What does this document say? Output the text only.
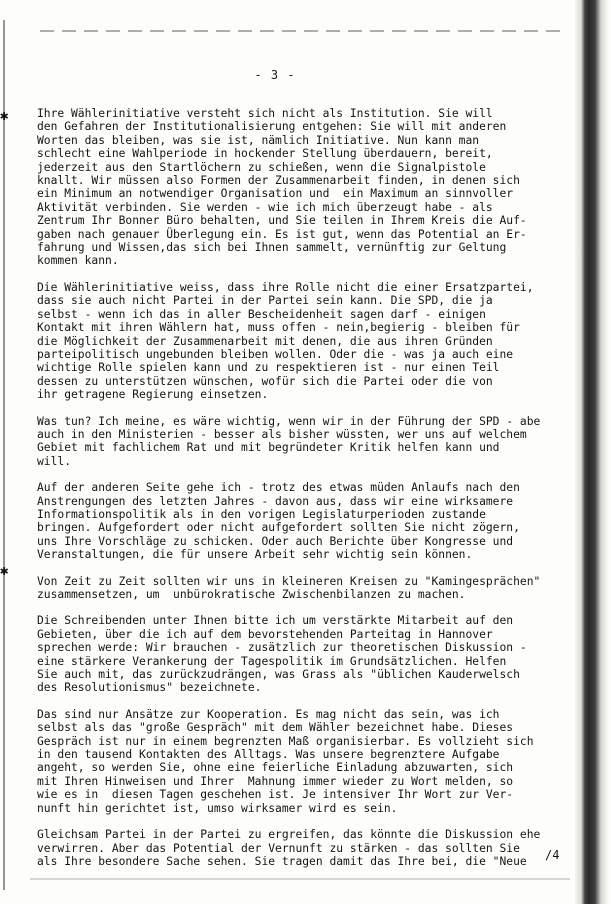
✱
✱
- 3 -

Ihre Wählerinitiative versteht sich nicht als Institution. Sie will
den Gefahren der Institutionalisierung entgehen: Sie will mit anderen
Worten das bleiben, was sie ist, nämlich Initiative. Nun kann man
schlecht eine Wahlperiode in hockender Stellung überdauern, bereit,
jederzeit aus den Startlöchern zu schießen, wenn die Signalpistole
knallt. Wir müssen also Formen der Zusammenarbeit finden, in denen sich
ein Minimum an notwendiger Organisation und  ein Maximum an sinnvoller
Aktivität verbinden. Sie werden - wie ich mich überzeugt habe - als
Zentrum Ihr Bonner Büro behalten, und Sie teilen in Ihrem Kreis die Auf-
gaben nach genauer Überlegung ein. Es ist gut, wenn das Potential an Er-
fahrung und Wissen,das sich bei Ihnen sammelt, vernünftig zur Geltung
kommen kann.

Die Wählerinitiative weiss, dass ihre Rolle nicht die einer Ersatzpartei,
dass sie auch nicht Partei in der Partei sein kann. Die SPD, die ja
selbst - wenn ich das in aller Bescheidenheit sagen darf - einigen
Kontakt mit ihren Wählern hat, muss offen - nein,begierig - bleiben für
die Möglichkeit der Zusammenarbeit mit denen, die aus ihren Gründen
parteipolitisch ungebunden bleiben wollen. Oder die - was ja auch eine
wichtige Rolle spielen kann und zu respektieren ist - nur einen Teil
dessen zu unterstützen wünschen, wofür sich die Partei oder die von
ihr getragene Regierung einsetzen.

Was tun? Ich meine, es wäre wichtig, wenn wir in der Führung der SPD - abe
auch in den Ministerien - besser als bisher wüssten, wer uns auf welchem
Gebiet mit fachlichem Rat und mit begründeter Kritik helfen kann und
will.

Auf der anderen Seite gehe ich - trotz des etwas müden Anlaufs nach den
Anstrengungen des letzten Jahres - davon aus, dass wir eine wirksamere
Informationspolitik als in den vorigen Legislaturperioden zustande
bringen. Aufgefordert oder nicht aufgefordert sollten Sie nicht zögern,
uns Ihre Vorschläge zu schicken. Oder auch Berichte über Kongresse und
Veranstaltungen, die für unsere Arbeit sehr wichtig sein können.

Von Zeit zu Zeit sollten wir uns in kleineren Kreisen zu "Kamingesprächen"
zusammensetzen, um  unbürokratische Zwischenbilanzen zu machen.

Die Schreibenden unter Ihnen bitte ich um verstärkte Mitarbeit auf den
Gebieten, über die ich auf dem bevorstehenden Parteitag in Hannover
sprechen werde: Wir brauchen - zusätzlich zur theoretischen Diskussion -
eine stärkere Verankerung der Tagespolitik im Grundsätzlichen. Helfen
Sie auch mit, das zurückzudrängen, was Grass als "üblichen Kauderwelsch
des Resolutionismus" bezeichnete.

Das sind nur Ansätze zur Kooperation. Es mag nicht das sein, was ich
selbst als das "große Gespräch" mit dem Wähler bezeichnet habe. Dieses
Gespräch ist nur in einem begrenzten Maß organisierbar. Es vollzieht sich
in den tausend Kontakten des Alltags. Was unsere begrenztere Aufgabe
angeht, so werden Sie, ohne eine feierliche Einladung abzuwarten, sich
mit Ihren Hinweisen und Ihrer  Mahnung immer wieder zu Wort melden, so
wie es in  diesen Tagen geschehen ist. Je intensiver Ihr Wort zur Ver-
nunft hin gerichtet ist, umso wirksamer wird es sein.

Gleichsam Partei in der Partei zu ergreifen, das könnte die Diskussion ehe
verwirren. Aber das Potential der Vernunft zu stärken - das sollten Sie
als Ihre besondere Sache sehen. Sie tragen damit das Ihre bei, die "Neue	/4
